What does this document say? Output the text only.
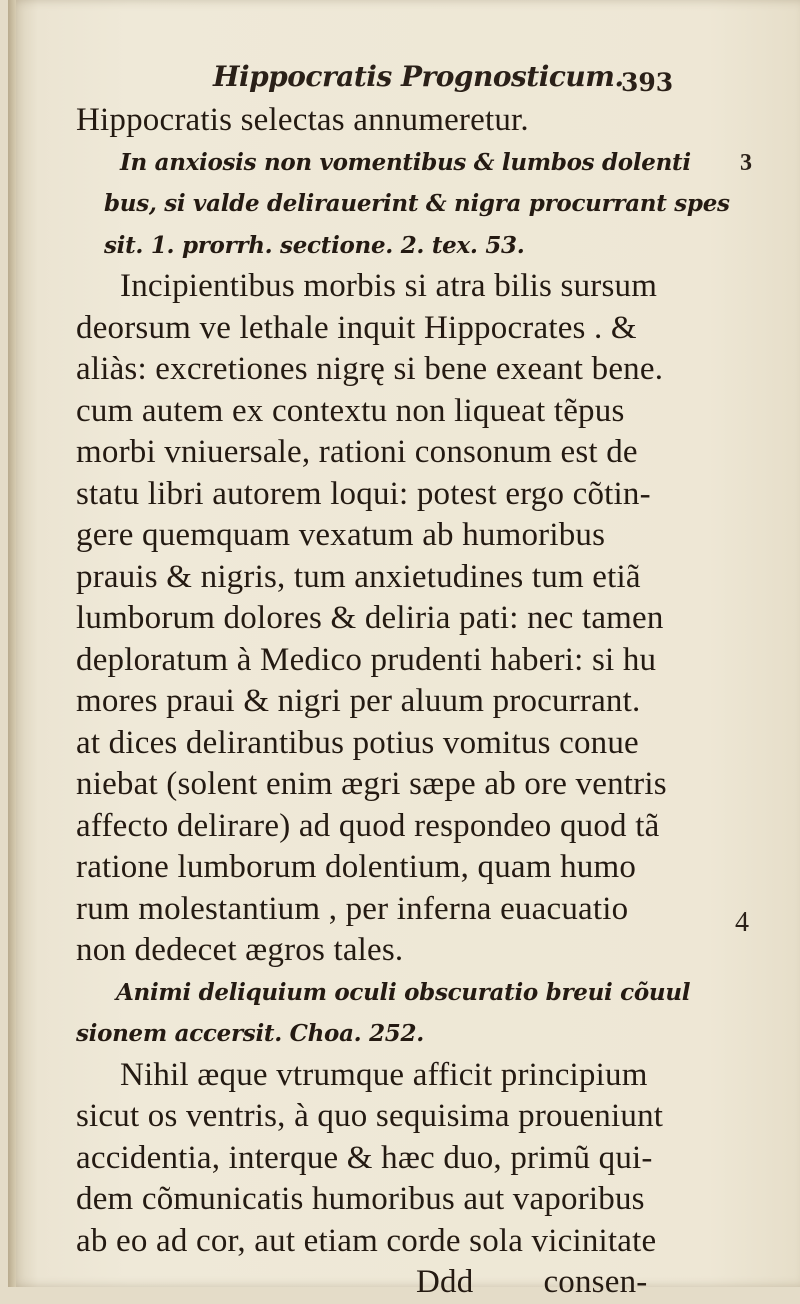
Hippocratis Prognosticum.
393
3
4
Hippocratis selectas annumeretur.
In anxiosis non vomentibus & lumbos dolenti
bus, si valde delirauerint & nigra procurrant spes
sit. 1. prorrh. sectione. 2. tex. 53.
Incipientibus morbis si atra bilis sursum
deorsum ve lethale inquit Hippocrates . &
aliàs: excretiones nigrę si bene exeant bene.
cum autem ex contextu non liqueat tẽpus
morbi vniuersale, rationi consonum est de
statu libri autorem loqui: potest ergo cõtin-
gere quemquam vexatum ab humoribus
prauis & nigris, tum anxietudines tum etiã
lumborum dolores & deliria pati: nec tamen
deploratum à Medico prudenti haberi: si hu
mores praui & nigri per aluum procurrant.
at dices delirantibus potius vomitus conue
niebat (solent enim ægri sæpe ab ore ventris
affecto delirare) ad quod respondeo quod tã
ratione lumborum dolentium, quam humo
rum molestantium , per inferna euacuatio
non dedecet ægros tales.
Animi deliquium oculi obscuratio breui cõuul
sionem accersit. Choa. 252.
Nihil æque vtrumque afficit principium
sicut os ventris, à quo sequisima proueniunt
accidentia, interque & hæc duo, primũ qui-
dem cõmunicatis humoribus aut vaporibus
ab eo ad cor, aut etiam corde sola vicinitate
Ddd consen-
